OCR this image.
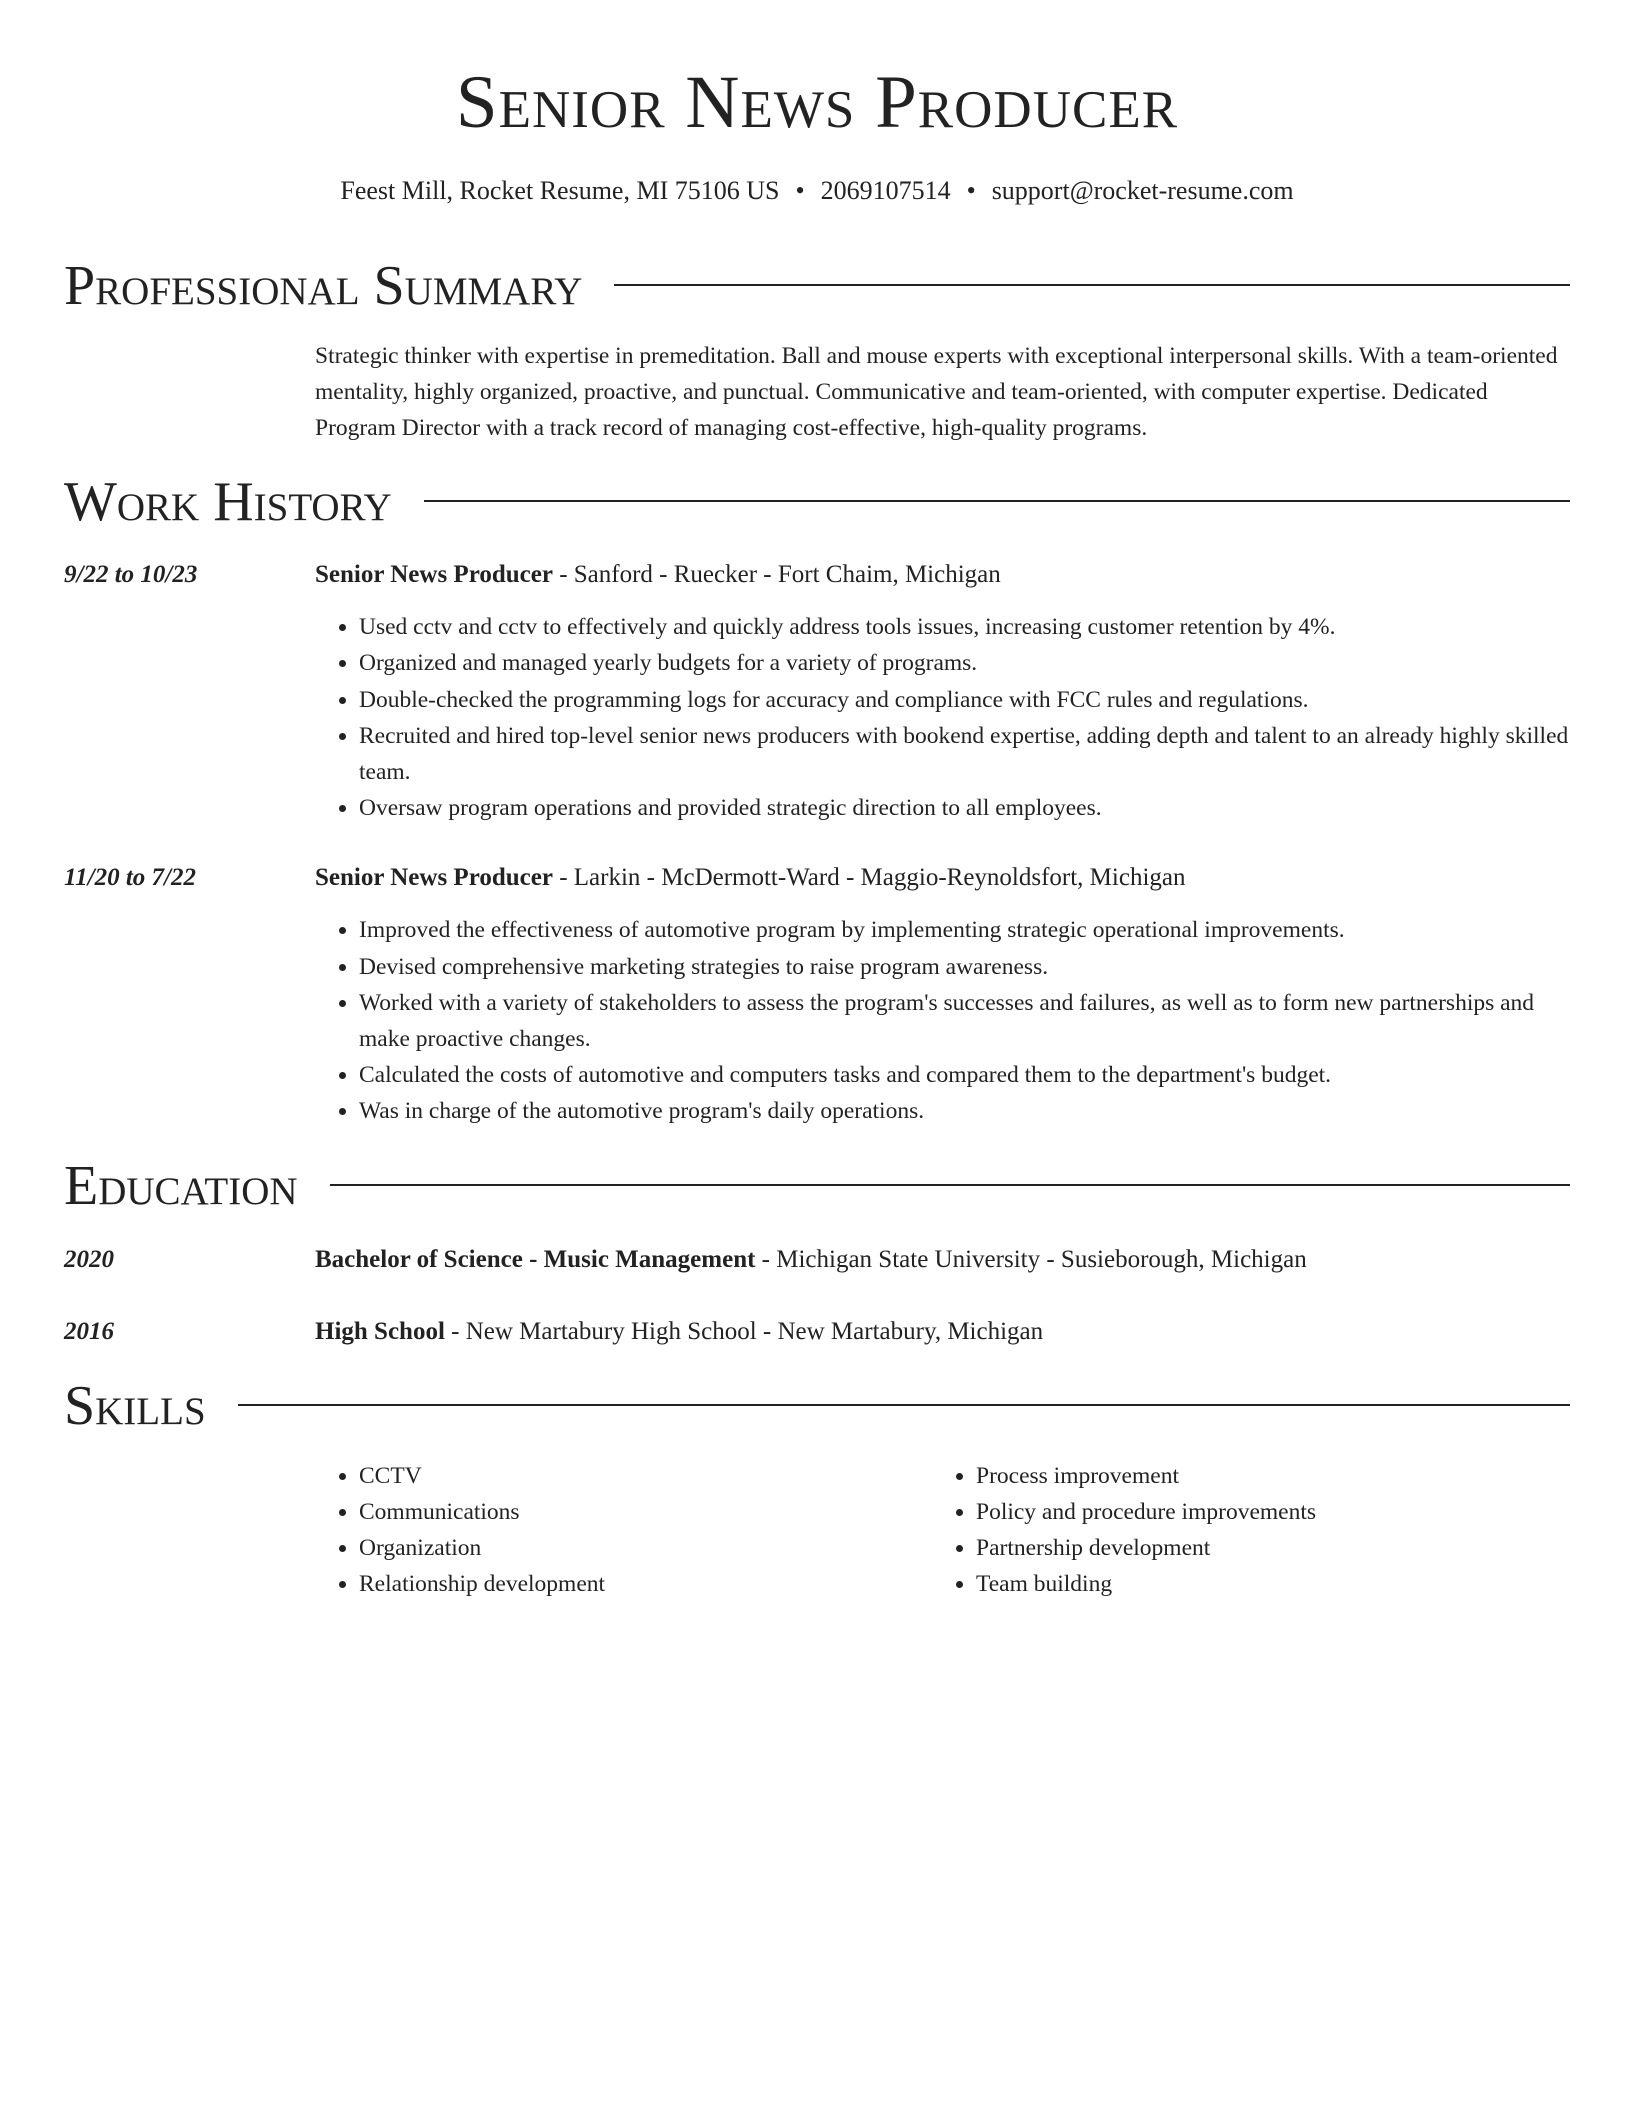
Senior News Producer
Feest Mill, Rocket Resume, MI 75106 US • 2069107514 • support@rocket-resume.com
Professional Summary
Strategic thinker with expertise in premeditation. Ball and mouse experts with exceptional interpersonal skills. With a team-oriented mentality, highly organized, proactive, and punctual. Communicative and team-oriented, with computer expertise. Dedicated Program Director with a track record of managing cost-effective, high-quality programs.
Work History
9/22 to 10/23	Senior News Producer - Sanford - Ruecker - Fort Chaim, Michigan
• Used cctv and cctv to effectively and quickly address tools issues, increasing customer retention by 4%.
• Organized and managed yearly budgets for a variety of programs.
• Double-checked the programming logs for accuracy and compliance with FCC rules and regulations.
• Recruited and hired top-level senior news producers with bookend expertise, adding depth and talent to an already highly skilled team.
• Oversaw program operations and provided strategic direction to all employees.
11/20 to 7/22	Senior News Producer - Larkin - McDermott-Ward - Maggio-Reynoldsfort, Michigan
• Improved the effectiveness of automotive program by implementing strategic operational improvements.
• Devised comprehensive marketing strategies to raise program awareness.
• Worked with a variety of stakeholders to assess the program's successes and failures, as well as to form new partnerships and make proactive changes.
• Calculated the costs of automotive and computers tasks and compared them to the department's budget.
• Was in charge of the automotive program's daily operations.
Education
2020	Bachelor of Science - Music Management - Michigan State University - Susieborough, Michigan
2016	High School - New Martabury High School - New Martabury, Michigan
Skills
• CCTV
• Communications
• Organization
• Relationship development
• Process improvement
• Policy and procedure improvements
• Partnership development
• Team building
